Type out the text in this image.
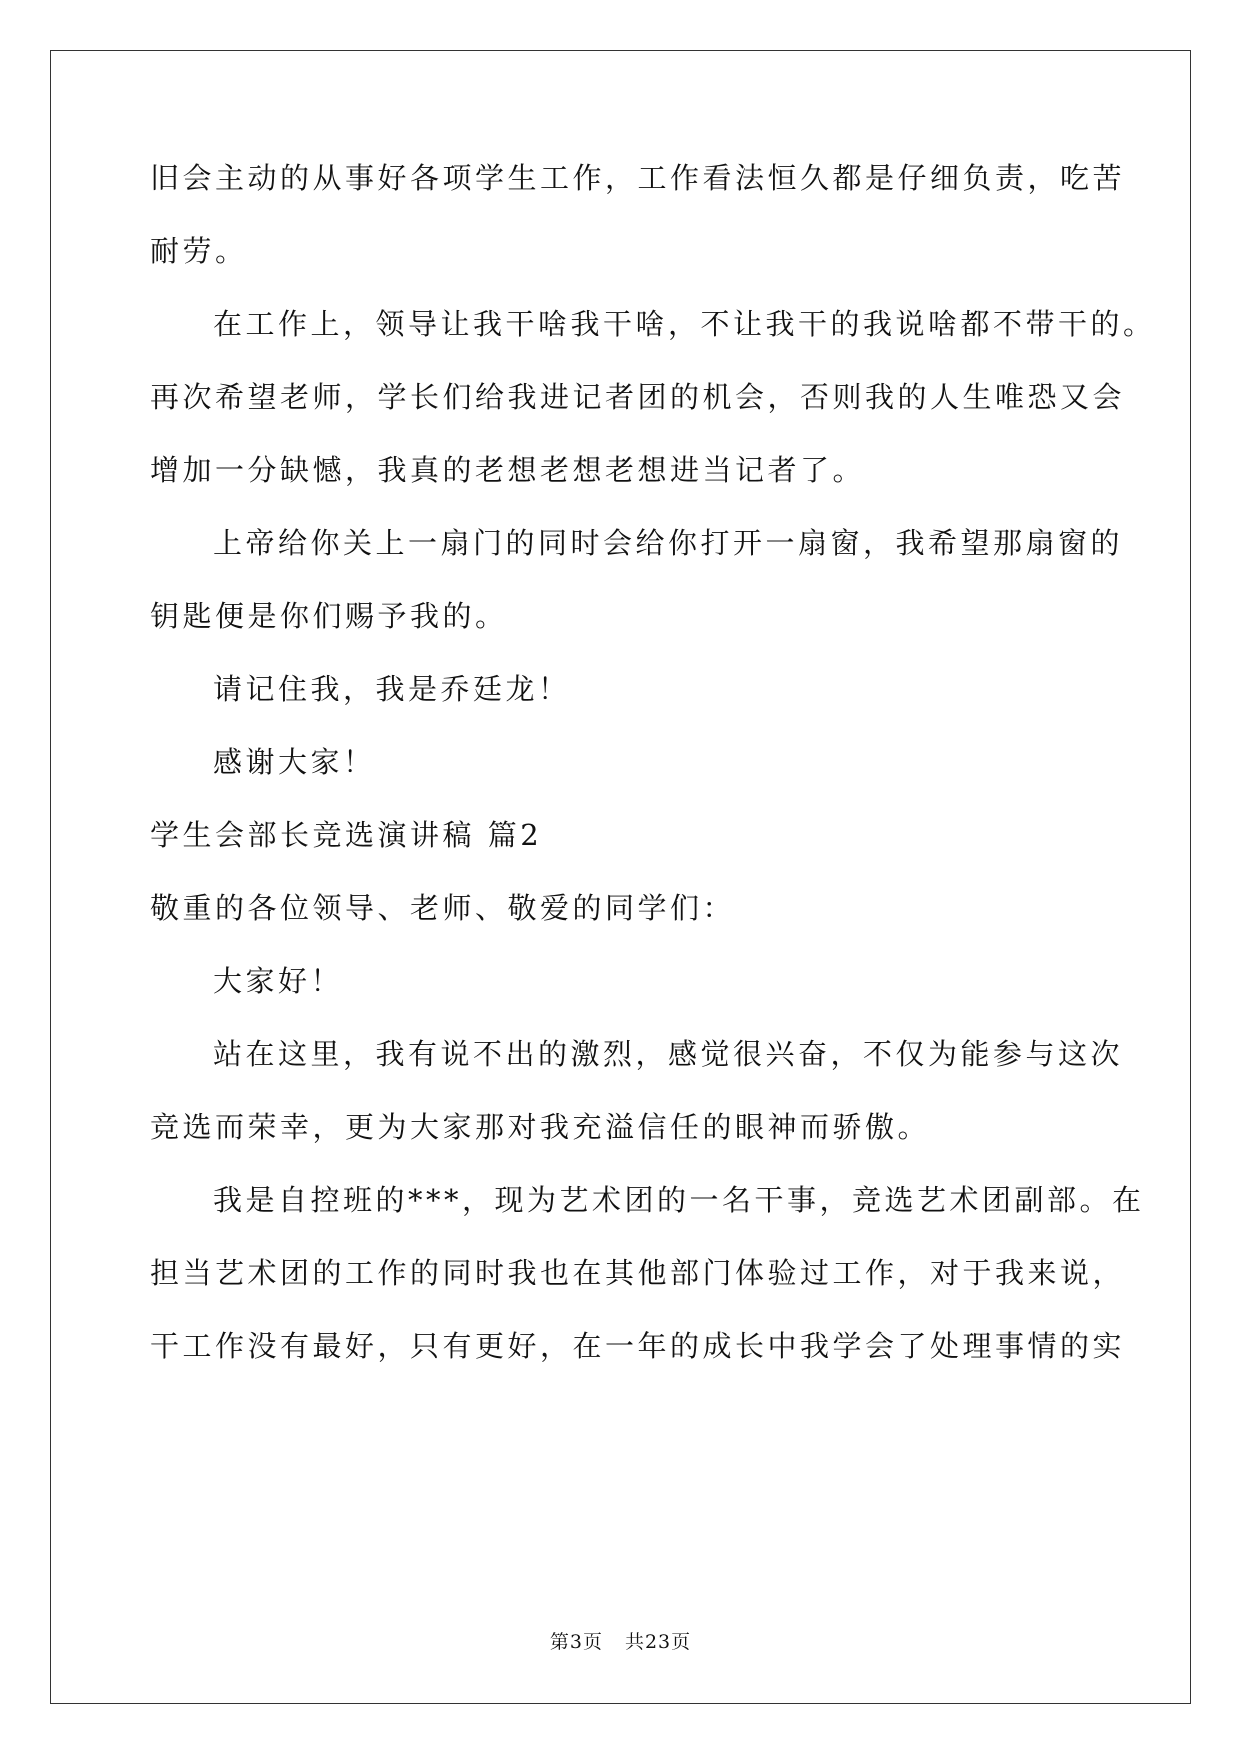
旧会主动的从事好各项学生工作，工作看法恒久都是仔细负责，吃苦
耐劳。
在工作上，领导让我干啥我干啥，不让我干的我说啥都不带干的。
再次希望老师，学长们给我进记者团的机会，否则我的人生唯恐又会
增加一分缺憾，我真的老想老想老想进当记者了。
上帝给你关上一扇门的同时会给你打开一扇窗，我希望那扇窗的
钥匙便是你们赐予我的。
请记住我，我是乔廷龙！
感谢大家！
学生会部长竞选演讲稿 篇2
敬重的各位领导、老师、敬爱的同学们：
大家好！
站在这里，我有说不出的激烈，感觉很兴奋，不仅为能参与这次
竞选而荣幸，更为大家那对我充溢信任的眼神而骄傲。
我是自控班的***，现为艺术团的一名干事，竞选艺术团副部。在
担当艺术团的工作的同时我也在其他部门体验过工作，对于我来说，
干工作没有最好，只有更好，在一年的成长中我学会了处理事情的实
第3页 共23页
